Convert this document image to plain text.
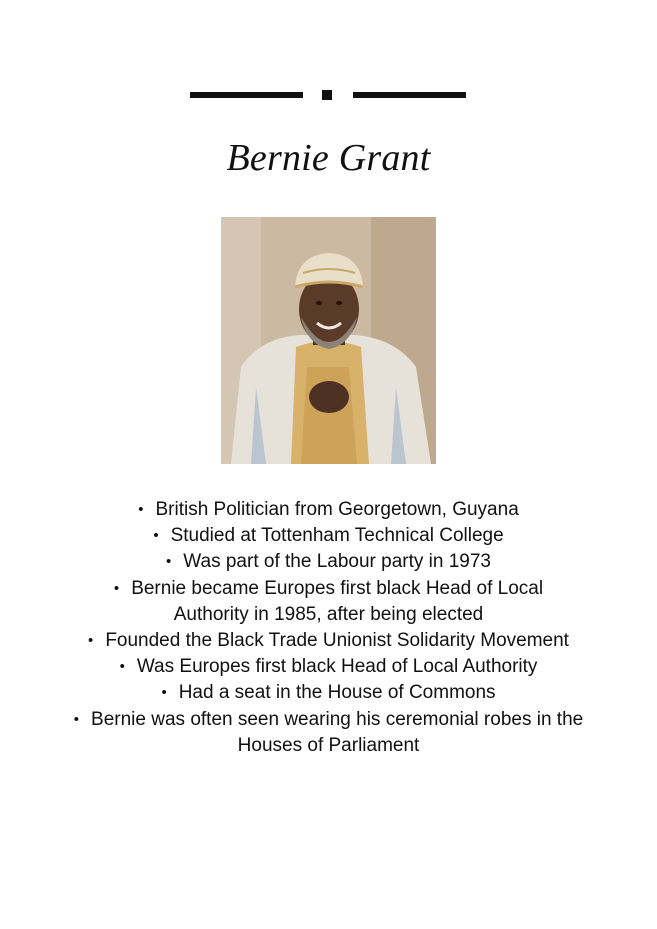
Bernie Grant
• British Politician from Georgetown, Guyana
• Studied at Tottenham Technical College
• Was part of the Labour party in 1973
• Bernie became Europes first black Head of Local Authority in 1985, after being elected
• Founded the Black Trade Unionist Solidarity Movement
• Was Europes first black Head of Local Authority
• Had a seat in the House of Commons
• Bernie was often seen wearing his ceremonial robes in the Houses of Parliament
